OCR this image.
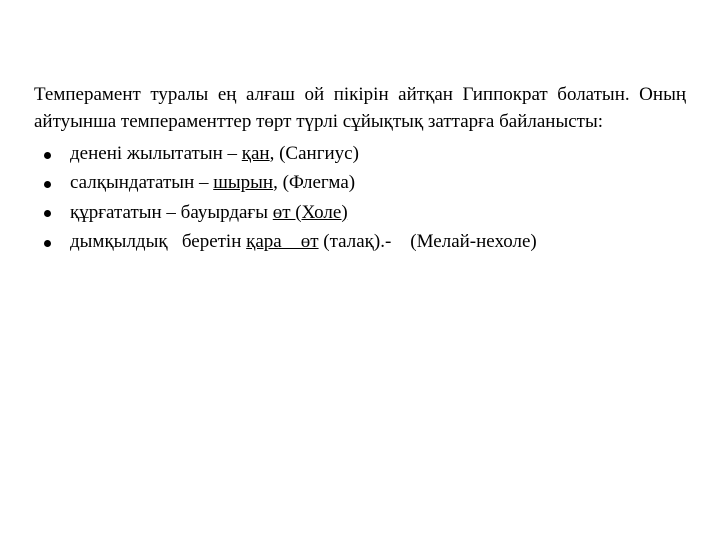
Темперамент туралы ең алғаш ой пікірін айтқан Гиппократ болатын. Оның айтуынша темпераменттер төрт түрлі сұйықтық заттарға байланысты:

денені жылытатын – қан, (Сангиус)
салқындататын – шырын, (Флегма)
құрғататын – бауырдағы өт (Холе)
дымқылдық   беретін қара    өт (талақ).-    (Мелай-нехоле)
